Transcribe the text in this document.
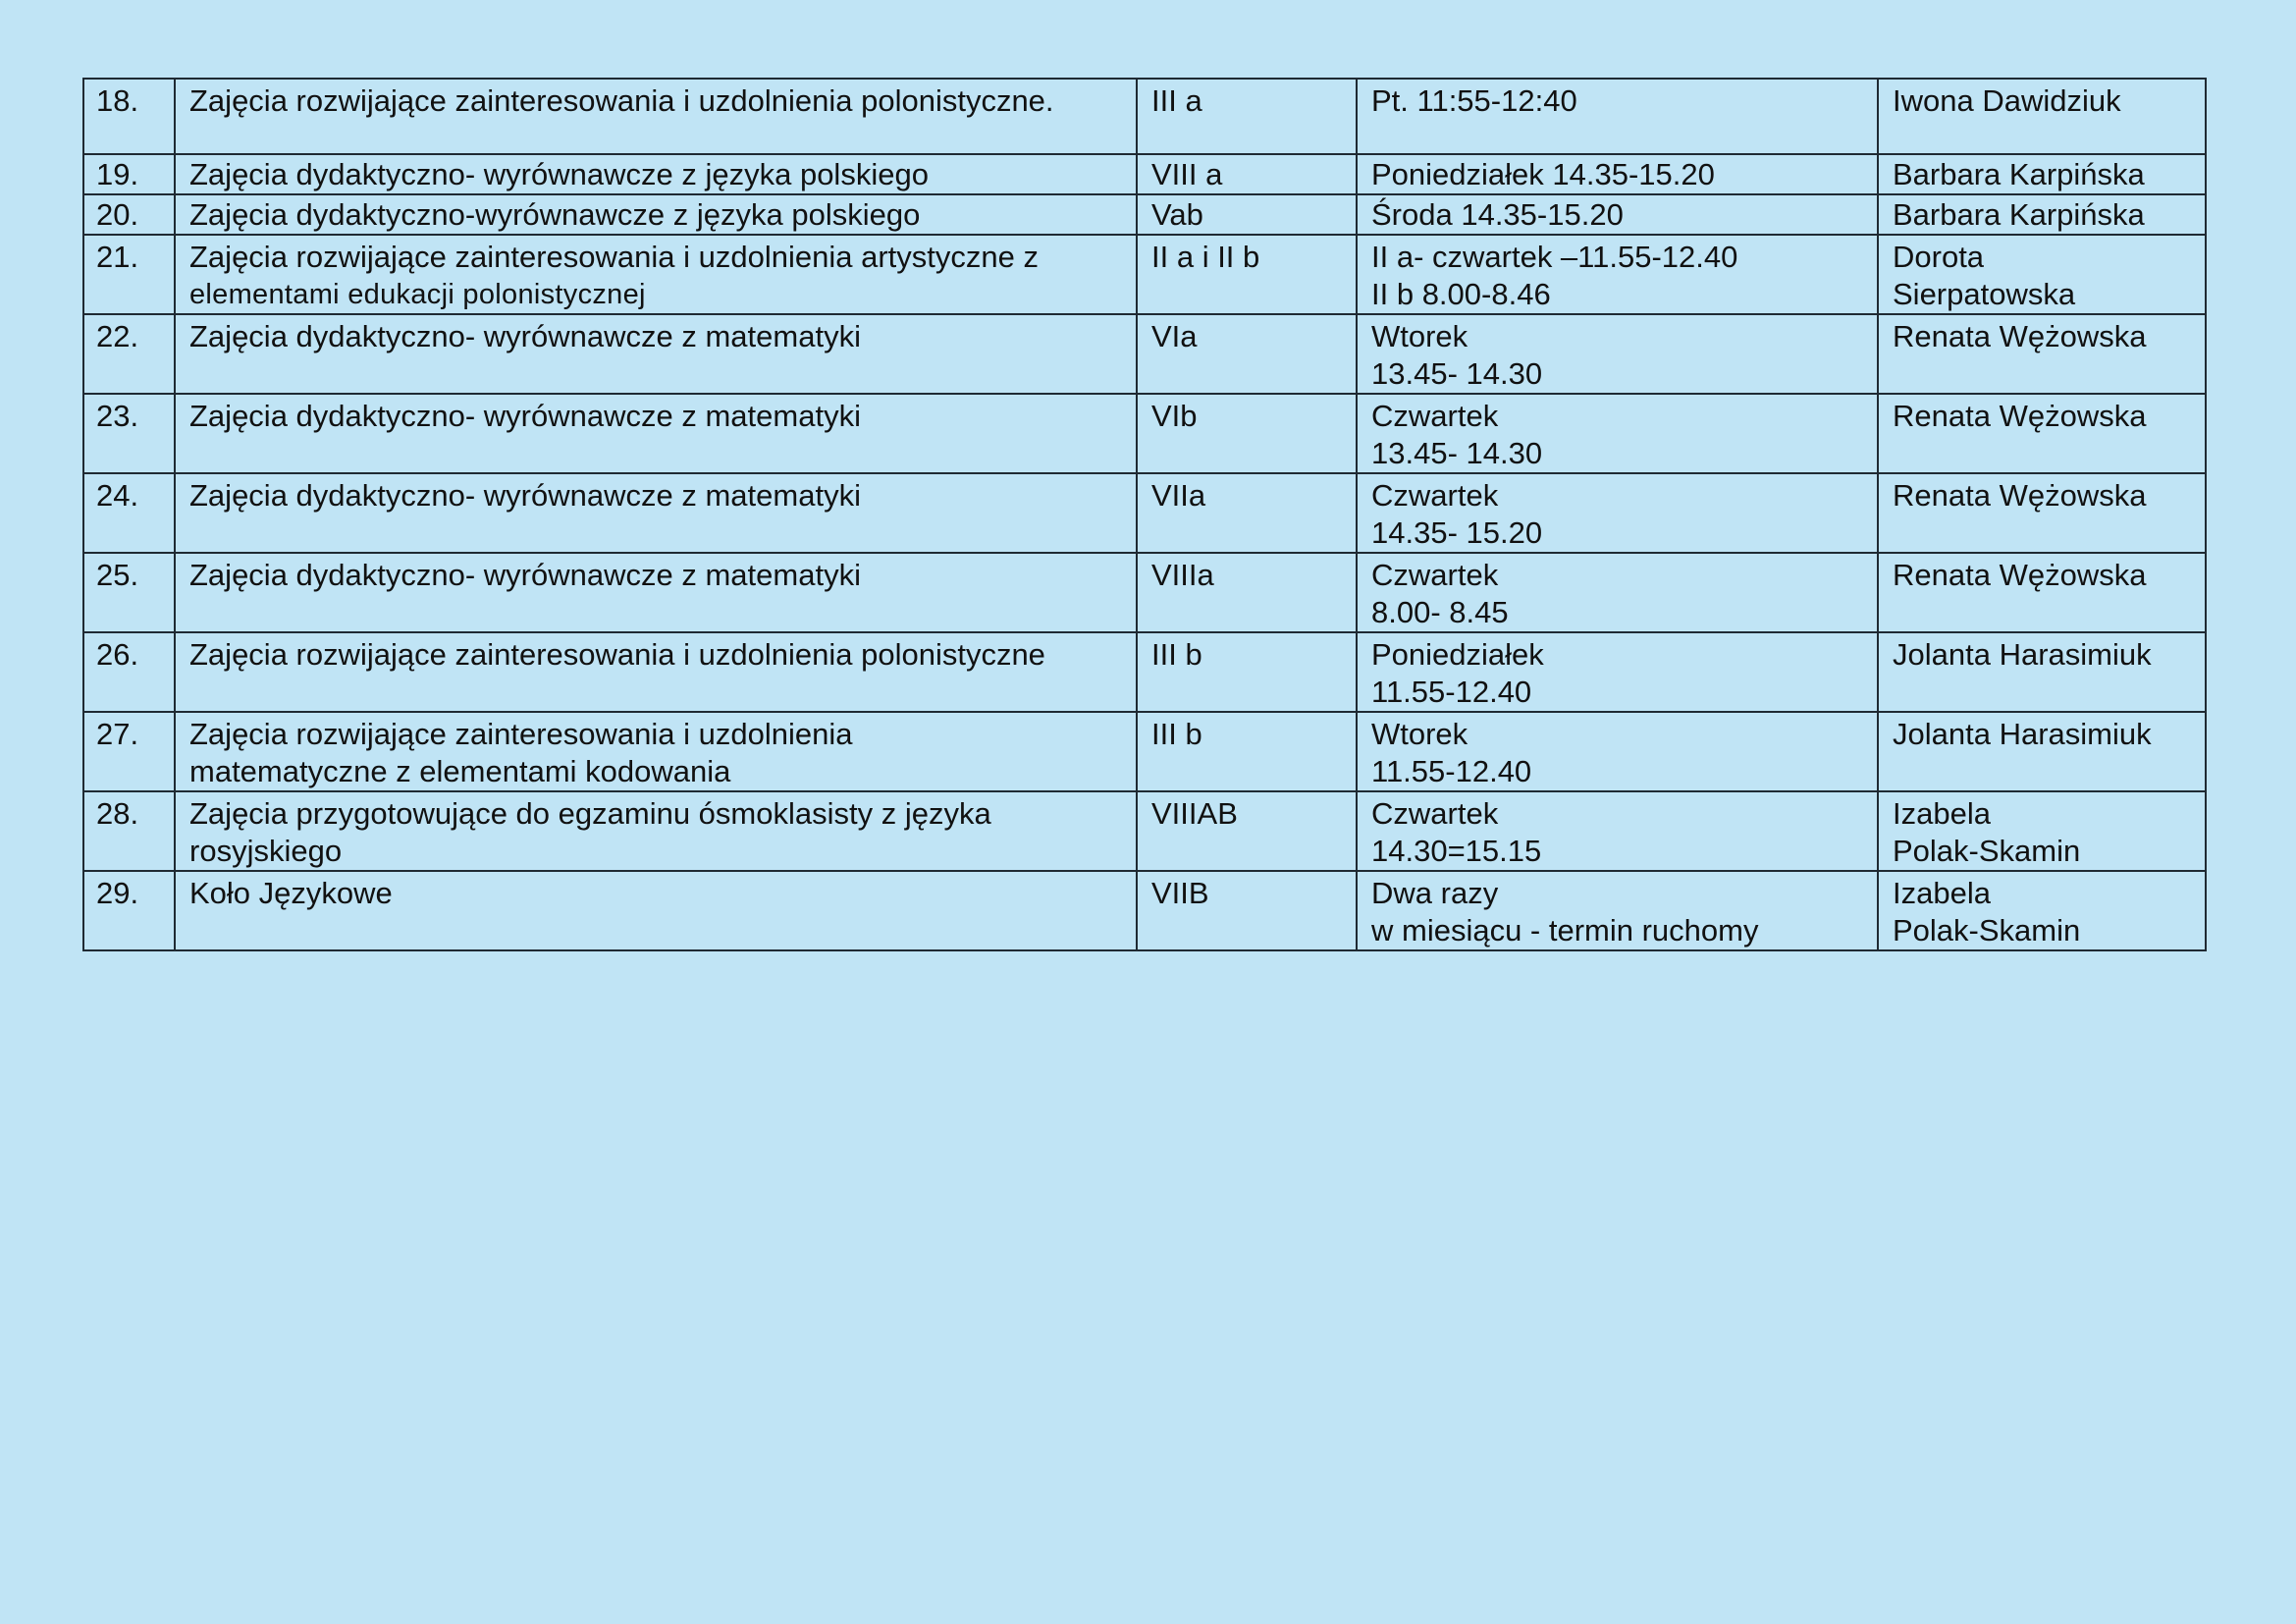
18.	Zajęcia rozwijające zainteresowania i uzdolnienia polonistyczne.	III a	Pt. 11:55-12:40	Iwona Dawidziuk

19.	Zajęcia dydaktyczno- wyrównawcze z języka polskiego	VIII a	Poniedziałek 14.35-15.20	Barbara Karpińska

20.	Zajęcia dydaktyczno-wyrównawcze z języka polskiego	Vab	Środa 14.35-15.20	Barbara Karpińska

21.	Zajęcia rozwijające zainteresowania i uzdolnienia artystyczne z
elementami edukacji polonistycznej	II a i II b	II a- czwartek –11.55-12.40
II b 8.00-8.46	Dorota
Sierpatowska

22.	Zajęcia dydaktyczno- wyrównawcze z matematyki	VIa	Wtorek
13.45- 14.30	Renata Wężowska

23.	Zajęcia dydaktyczno- wyrównawcze z matematyki	VIb	Czwartek
13.45- 14.30	Renata Wężowska

24.	Zajęcia dydaktyczno- wyrównawcze z matematyki	VIIa	Czwartek
14.35- 15.20	Renata Wężowska

25.	Zajęcia dydaktyczno- wyrównawcze z matematyki	VIIIa	Czwartek
8.00- 8.45	Renata Wężowska

26.	Zajęcia rozwijające zainteresowania i uzdolnienia polonistyczne	III b	Poniedziałek
11.55-12.40	Jolanta Harasimiuk

27.	Zajęcia rozwijające zainteresowania i uzdolnienia
matematyczne z elementami kodowania	III b	Wtorek
11.55-12.40	Jolanta Harasimiuk

28.	Zajęcia przygotowujące do egzaminu ósmoklasisty z języka
rosyjskiego	VIIIAB	Czwartek
14.30=15.15	Izabela
Polak-Skamin

29.	Koło Językowe	VIIB	Dwa razy
w miesiącu - termin ruchomy	Izabela
Polak-Skamin
